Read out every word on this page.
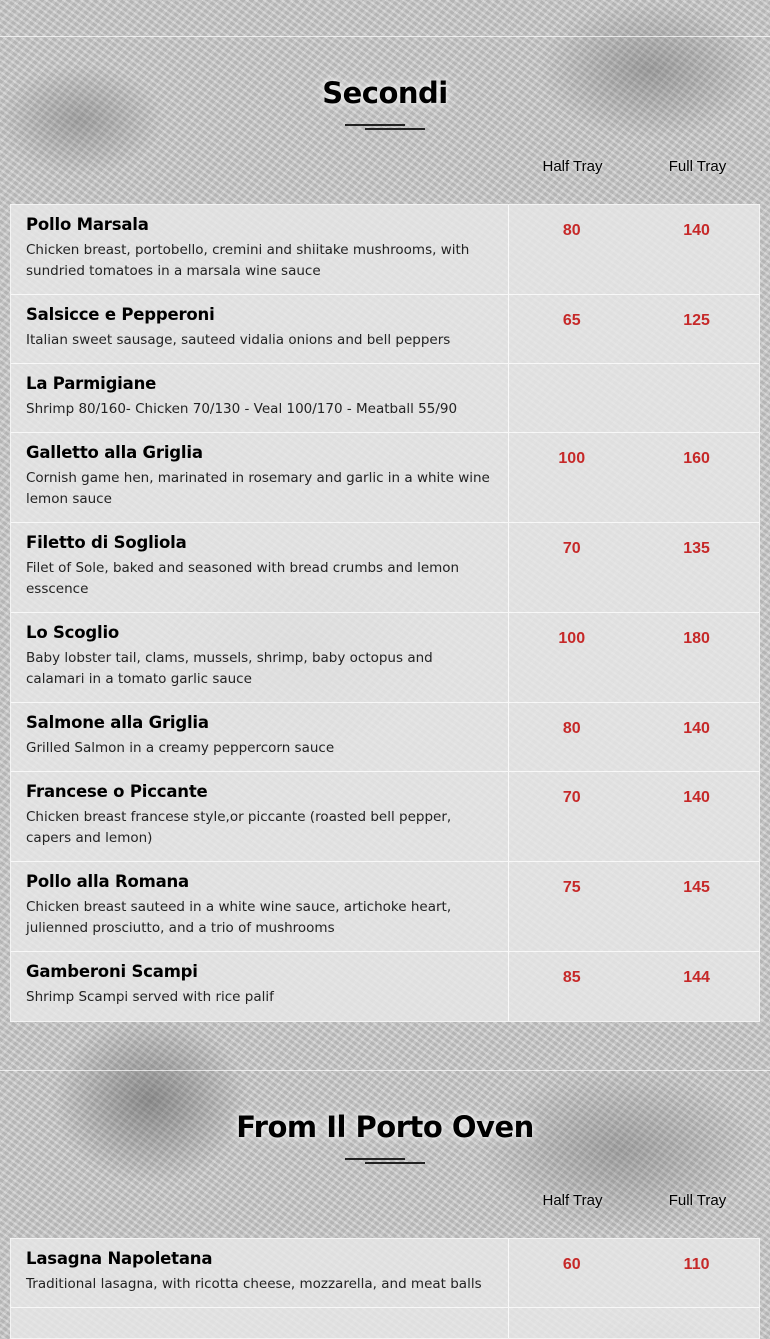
Secondi
Half Tray	Full Tray
Pollo Marsala
Chicken breast, portobello, cremini and shiitake mushrooms, with sundried tomatoes in a marsala wine sauce
80	140
Salsicce e Pepperoni
Italian sweet sausage, sauteed vidalia onions and bell peppers
65	125
La Parmigiane
Shrimp 80/160- Chicken 70/130 - Veal 100/170 - Meatball 55/90
Galletto alla Griglia
Cornish game hen, marinated in rosemary and garlic in a white wine lemon sauce
100	160
Filetto di Sogliola
Filet of Sole, baked and seasoned with bread crumbs and lemon esscence
70	135
Lo Scoglio
Baby lobster tail, clams, mussels, shrimp, baby octopus and calamari in a tomato garlic sauce
100	180
Salmone alla Griglia
Grilled Salmon in a creamy peppercorn sauce
80	140
Francese o Piccante
Chicken breast francese style,or piccante (roasted bell pepper, capers and lemon)
70	140
Pollo alla Romana
Chicken breast sauteed in a white wine sauce, artichoke heart, julienned prosciutto, and a trio of mushrooms
75	145
Gamberoni Scampi
Shrimp Scampi served with rice palif
85	144
From Il Porto Oven
Half Tray	Full Tray
Lasagna Napoletana
Traditional lasagna, with ricotta cheese, mozzarella, and meat balls
60	110
